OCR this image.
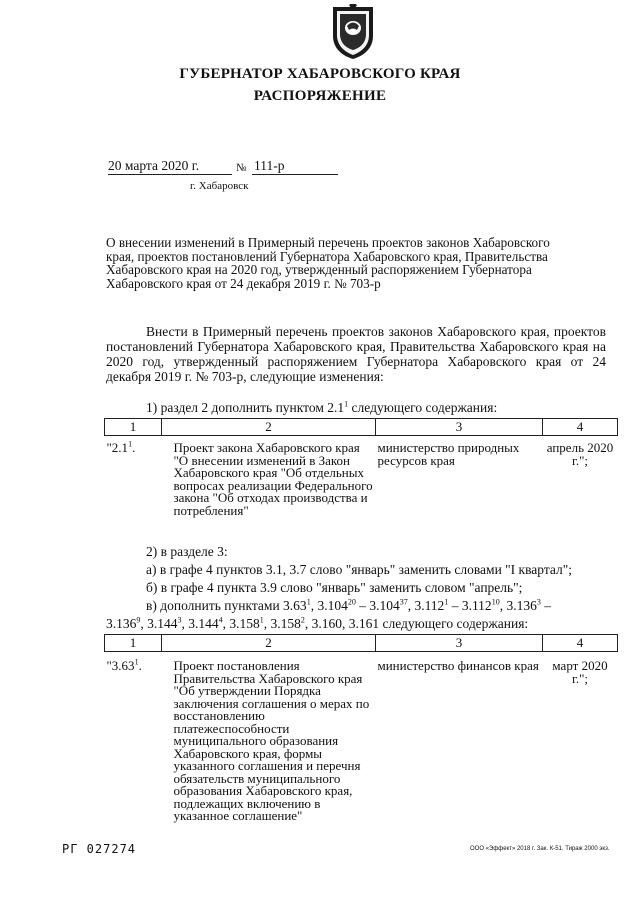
ГУБЕРНАТОР ХАБАРОВСКОГО КРАЯ
РАСПОРЯЖЕНИЕ
20 марта 2020 г.	№ 111-р
г. Хабаровск
О внесении изменений в Примерный перечень проектов законов Хабаровского края, проектов постановлений Губернатора Хабаровского края, Правительства Хабаровского края на 2020 год, утвержденный распоряжением Губернатора Хабаровского края от 24 декабря 2019 г. № 703-р
Внести в Примерный перечень проектов законов Хабаровского края, проектов постановлений Губернатора Хабаровского края, Правительства Хабаровского края на 2020 год, утвержденный распоряжением Губернатора Хабаровского края от 24 декабря 2019 г. № 703-р, следующие изменения:
1) раздел 2 дополнить пунктом $2.1^1$ следующего содержания:
1	2	3	4
"$2.1^1$.	Проект закона Хабаровского края "О внесении изменений в Закон Хабаровского края "Об отдельных вопросах реализации Федерального закона "Об отходах производства и потребления"	министерство природных ресурсов края	апрель 2020 г.";
2) в разделе 3:
а) в графе 4 пунктов 3.1, 3.7 слово "январь" заменить словами "I квартал";
б) в графе 4 пункта 3.9 слово "январь" заменить словом "апрель";
в) дополнить пунктами 3.63$^1$, 3.104$^{20}$ – 3.104$^{37}$, 3.112$^1$ – 3.112$^{10}$, 3.136$^3$ –
3.136$^9$, 3.144$^3$, 3.144$^4$, 3.158$^1$, 3.158$^2$, 3.160, 3.161 следующего содержания:
1	2	3	4
"3.63$^1$.	Проект постановления Правительства Хабаровского края "Об утверждении Порядка заключения соглашения о мерах по восстановлению платежеспособности муниципального образования Хабаровского края, формы указанного соглашения и перечня обязательств муниципального образования Хабаровского края, подлежащих включению в указанное соглашение"	министерство финансов края	март 2020 г.";
РГ 027274	ООО «Эффект» 2018 г. Зак. К-51. Тираж 2000 экз.
